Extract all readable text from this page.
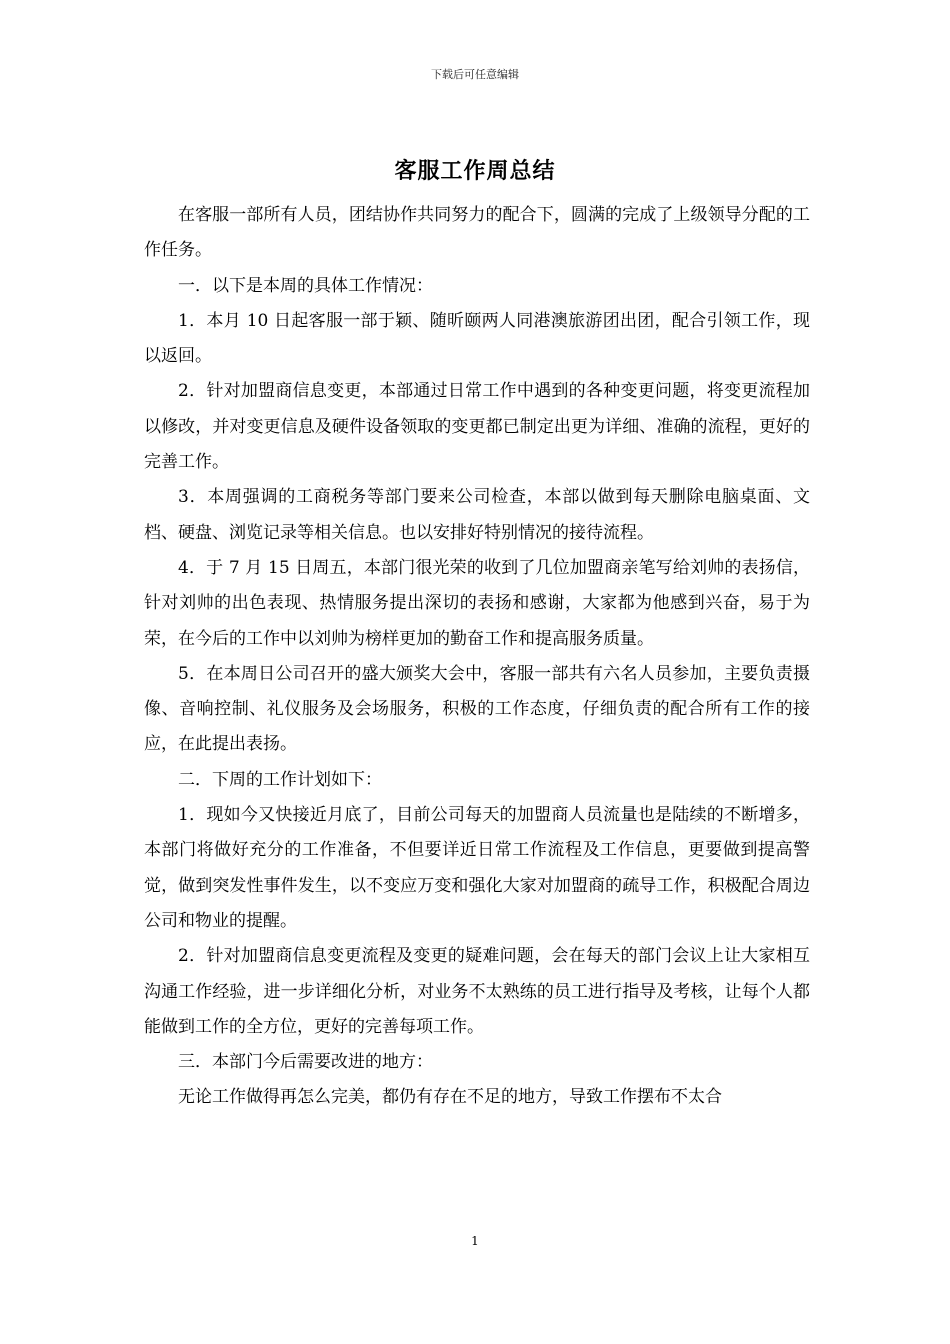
下载后可任意编辑
客服工作周总结

在客服一部所有人员，团结协作共同努力的配合下，圆满的完成了上级领导分配的工作任务。

一．以下是本周的具体工作情况：

1．本月 10 日起客服一部于颖、随昕颐两人同港澳旅游团出团，配合引领工作，现以返回。

2．针对加盟商信息变更，本部通过日常工作中遇到的各种变更问题，将变更流程加以修改，并对变更信息及硬件设备领取的变更都已制定出更为详细、准确的流程，更好的完善工作。

3．本周强调的工商税务等部门要来公司检查，本部以做到每天删除电脑桌面、文档、硬盘、浏览记录等相关信息。也以安排好特别情况的接待流程。

4．于 7 月 15 日周五，本部门很光荣的收到了几位加盟商亲笔写给刘帅的表扬信，针对刘帅的出色表现、热情服务提出深切的表扬和感谢，大家都为他感到兴奋，易于为荣，在今后的工作中以刘帅为榜样更加的勤奋工作和提高服务质量。

5．在本周日公司召开的盛大颁奖大会中，客服一部共有六名人员参加，主要负责摄像、音响控制、礼仪服务及会场服务，积极的工作态度，仔细负责的配合所有工作的接应，在此提出表扬。

二．下周的工作计划如下：

1．现如今又快接近月底了，目前公司每天的加盟商人员流量也是陆续的不断增多，本部门将做好充分的工作准备，不但要详近日常工作流程及工作信息，更要做到提高警觉，做到突发性事件发生，以不变应万变和强化大家对加盟商的疏导工作，积极配合周边公司和物业的提醒。

2．针对加盟商信息变更流程及变更的疑难问题，会在每天的部门会议上让大家相互沟通工作经验，进一步详细化分析，对业务不太熟练的员工进行指导及考核，让每个人都能做到工作的全方位，更好的完善每项工作。

三．本部门今后需要改进的地方：

无论工作做得再怎么完美，都仍有存在不足的地方，导致工作摆布不太合

1
